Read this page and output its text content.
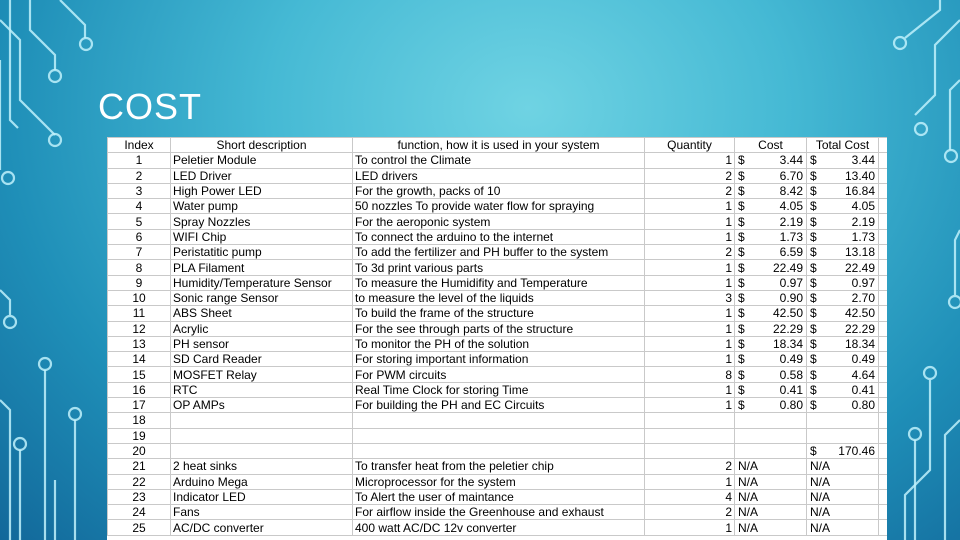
COST
Index	Short description	function, how it is used in your system	Quantity	Cost	Total Cost	
1	Peletier Module	To control the Climate	1	$ 3.44	$ 3.44	

2	LED Driver	LED drivers	2	$ 6.70	$ 13.40	

3	High Power LED	For the growth, packs of 10	2	$ 8.42	$ 16.84	

4	Water pump	50 nozzles To provide water flow for spraying	1	$ 4.05	$ 4.05	

5	Spray Nozzles	For the aeroponic system	1	$ 2.19	$ 2.19	

6	WIFI Chip	To connect the arduino to the internet	1	$ 1.73	$ 1.73	

7	Peristatitic pump	To add the fertilizer and PH buffer to the system	2	$ 6.59	$ 13.18	

8	PLA Filament	To 3d print various parts	1	$ 22.49	$ 22.49	

9	Humidity/Temperature Sensor	To measure the Humidifity and Temperature	1	$ 0.97	$ 0.97	

10	Sonic range Sensor	to measure the level of the liquids	3	$ 0.90	$ 2.70	

11	ABS Sheet	To build the frame of the structure	1	$ 42.50	$ 42.50	

12	Acrylic	For the see through parts of the structure	1	$ 22.29	$ 22.29	

13	PH sensor	To monitor the PH of the solution	1	$ 18.34	$ 18.34	

14	SD Card Reader	For storing important information	1	$ 0.49	$ 0.49	

15	MOSFET Relay	For PWM circuits	8	$ 0.58	$ 4.64	

16	RTC	Real Time Clock for storing Time	1	$ 0.41	$ 0.41	

17	OP AMPs	For building the PH and EC Circuits	1	$ 0.80	$ 0.80	

18				

19				

20					$ 170.46	

21	2 heat sinks	To transfer heat from the peletier chip	2	N/A	N/A	

22	Arduino Mega	Microprocessor for the system	1	N/A	N/A	

23	Indicator LED	To Alert the user of maintance	4	N/A	N/A	

24	Fans	For airflow inside the Greenhouse and exhaust	2	N/A	N/A	

25	AC/DC converter	400 watt AC/DC 12v converter	1	N/A	N/A	
